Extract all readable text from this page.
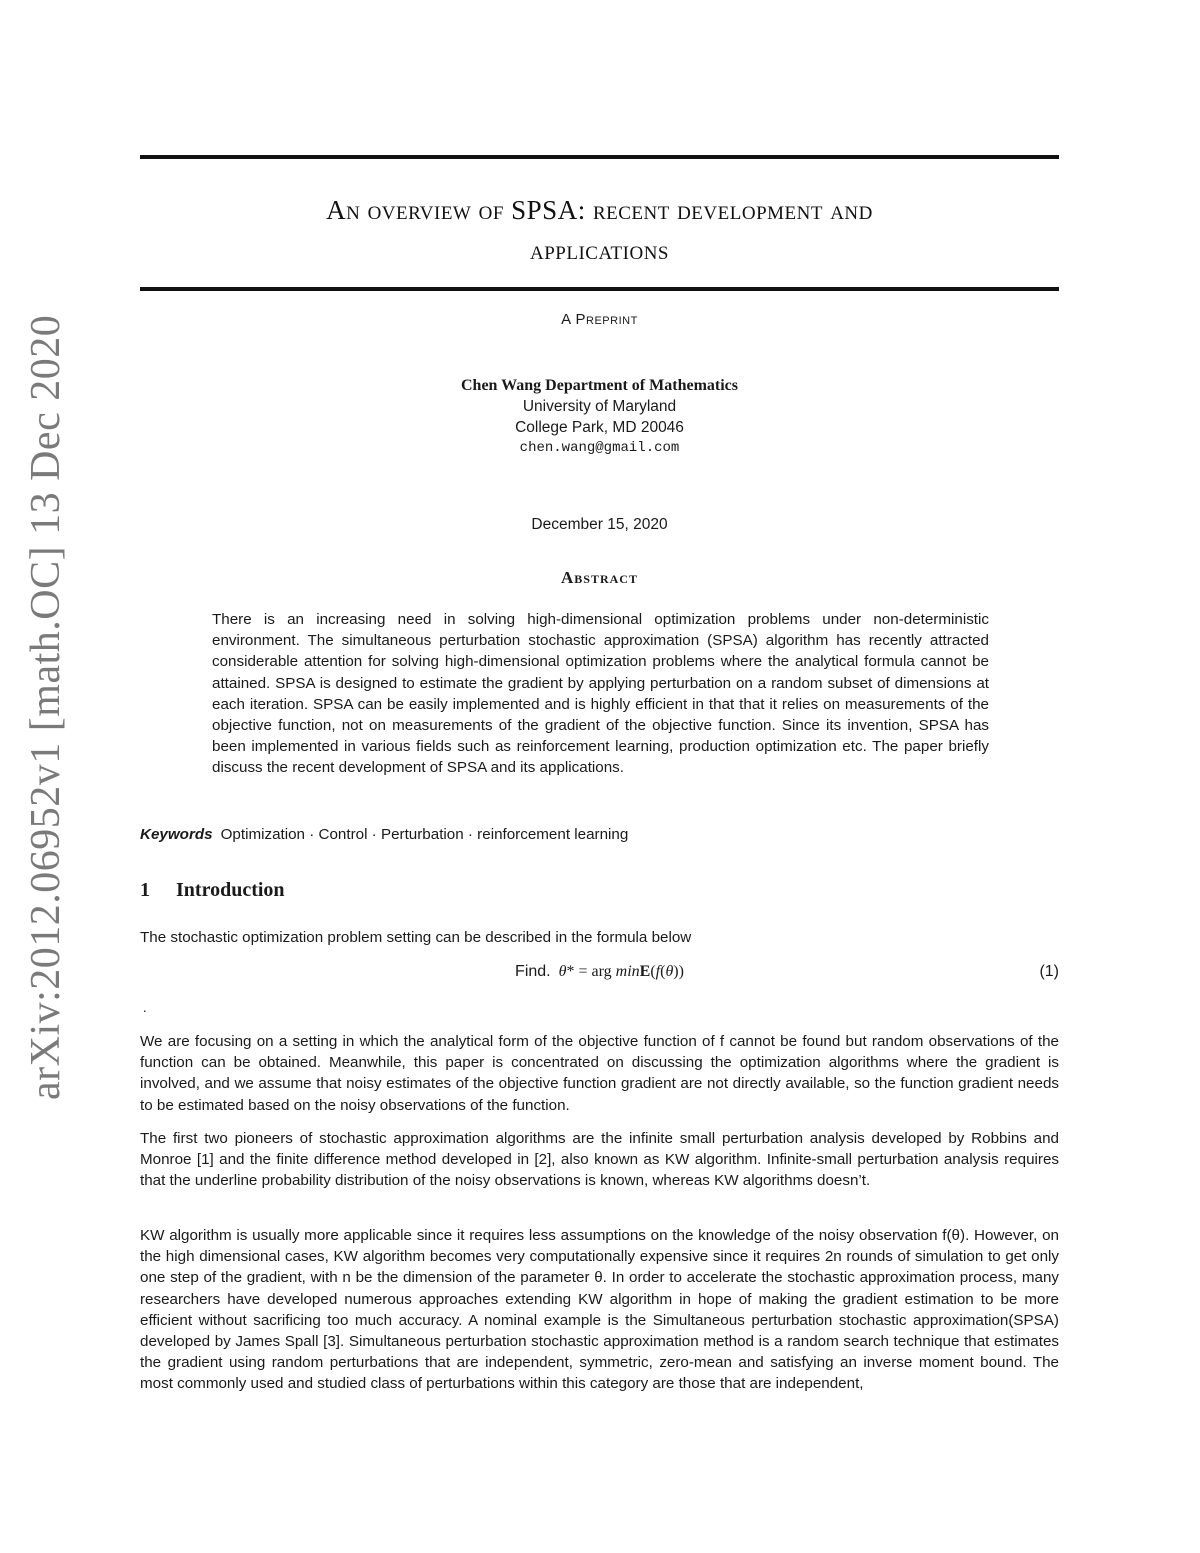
arXiv:2012.06952v1 [math.OC] 13 Dec 2020
An overview of SPSA: recent development and
applications
A Preprint
Chen Wang Department of Mathematics
University of Maryland
College Park, MD 20046
chen.wang@gmail.com
December 15, 2020
Abstract
There is an increasing need in solving high-dimensional optimization problems under non-deterministic environment. The simultaneous perturbation stochastic approximation (SPSA) algorithm has recently attracted considerable attention for solving high-dimensional optimization problems where the analytical formula cannot be attained. SPSA is designed to estimate the gradient by applying perturbation on a random subset of dimensions at each iteration. SPSA can be easily implemented and is highly efficient in that that it relies on measurements of the objective function, not on measurements of the gradient of the objective function. Since its invention, SPSA has been implemented in various fields such as reinforcement learning, production optimization etc. The paper briefly discuss the recent development of SPSA and its applications.
Keywords Optimization · Control · Perturbation · reinforcement learning
1 Introduction
The stochastic optimization problem setting can be described in the formula below
Find. θ* = arg minE(f(θ))	(1)
.
We are focusing on a setting in which the analytical form of the objective function of f cannot be found but random observations of the function can be obtained. Meanwhile, this paper is concentrated on discussing the optimization algorithms where the gradient is involved, and we assume that noisy estimates of the objective function gradient are not directly available, so the function gradient needs to be estimated based on the noisy observations of the function.
The first two pioneers of stochastic approximation algorithms are the infinite small perturbation analysis developed by Robbins and Monroe [1] and the finite difference method developed in [2], also known as KW algorithm. Infinite-small perturbation analysis requires that the underline probability distribution of the noisy observations is known, whereas KW algorithms doesn’t.
KW algorithm is usually more applicable since it requires less assumptions on the knowledge of the noisy observation f(θ). However, on the high dimensional cases, KW algorithm becomes very computationally expensive since it requires 2n rounds of simulation to get only one step of the gradient, with n be the dimension of the parameter θ. In order to accelerate the stochastic approximation process, many researchers have developed numerous approaches extending KW algorithm in hope of making the gradient estimation to be more efficient without sacrificing too much accuracy. A nominal example is the Simultaneous perturbation stochastic approximation(SPSA) developed by James Spall [3]. Simultaneous perturbation stochastic approximation method is a random search technique that estimates the gradient using random perturbations that are independent, symmetric, zero-mean and satisfying an inverse moment bound. The most commonly used and studied class of perturbations within this category are those that are independent,
